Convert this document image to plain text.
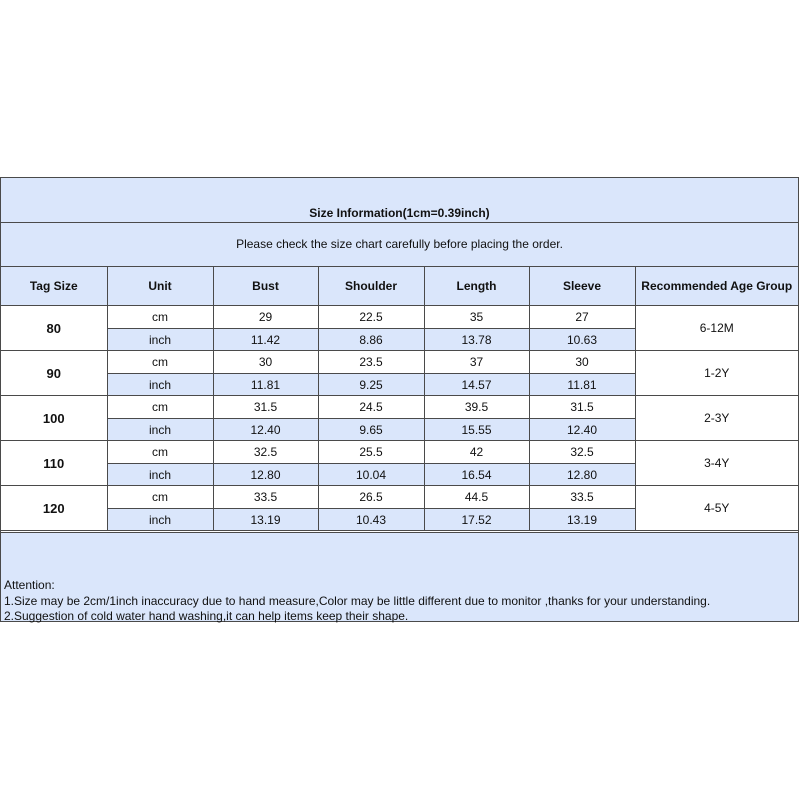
Size Information(1cm=0.39inch)
Please check the size chart carefully before placing the order.
Tag Size	Unit	Bust	Shoulder	Length	Sleeve	Recommended Age Group
80	cm	29	22.5	35	27	6-12M
	inch	11.42	8.86	13.78	10.63	
90	cm	30	23.5	37	30	1-2Y
	inch	11.81	9.25	14.57	11.81	
100	cm	31.5	24.5	39.5	31.5	2-3Y
	inch	12.40	9.65	15.55	12.40	
110	cm	32.5	25.5	42	32.5	3-4Y
	inch	12.80	10.04	16.54	12.80	
120	cm	33.5	26.5	44.5	33.5	4-5Y
	inch	13.19	10.43	17.52	13.19	
Attention:
1.Size may be 2cm/1inch inaccuracy due to hand measure,Color may be little different due to monitor ,thanks for your understanding.
2.Suggestion of cold water hand washing,it can help items keep their shape.
